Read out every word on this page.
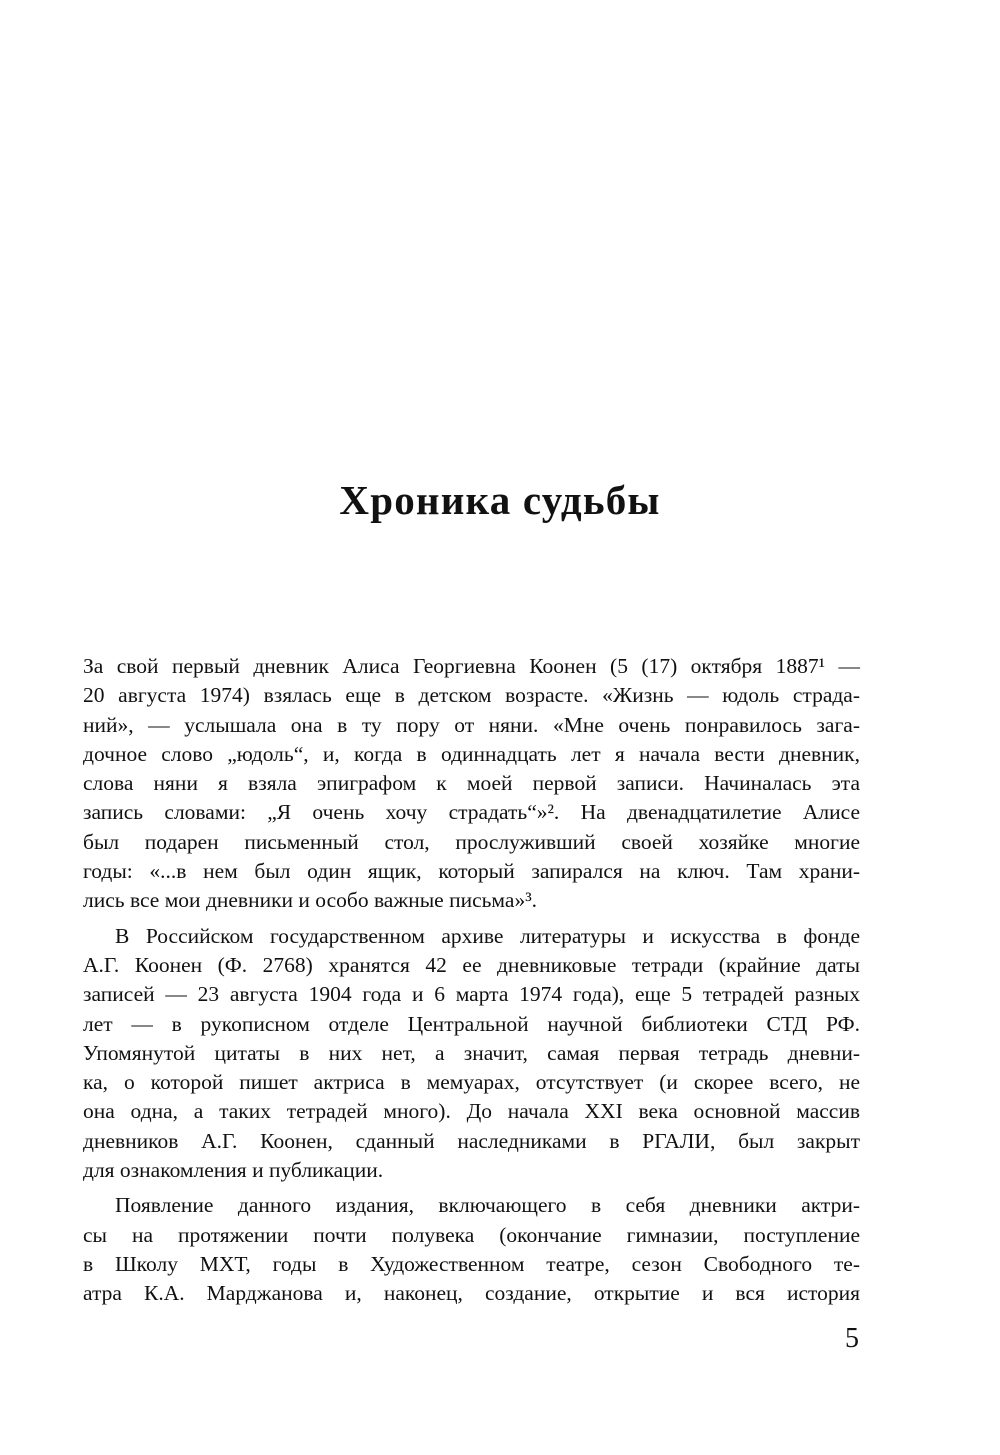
Хроника судьбы

За свой первый дневник Алиса Георгиевна Коонен (5 (17) октября 1887¹ —
20 августа 1974) взялась еще в детском возрасте. «Жизнь — юдоль страда-
ний», — услышала она в ту пору от няни. «Мне очень понравилось зага-
дочное слово „юдоль“, и, когда в одиннадцать лет я начала вести дневник,
слова няни я взяла эпиграфом к моей первой записи. Начиналась эта
запись словами: „Я очень хочу страдать“»². На двенадцатилетие Алисе
был подарен письменный стол, прослуживший своей хозяйке многие
годы: «...в нем был один ящик, который запирался на ключ. Там храни-
лись все мои дневники и особо важные письма»³.

В Российском государственном архиве литературы и искусства в фонде
А.Г. Коонен (Ф. 2768) хранятся 42 ее дневниковые тетради (крайние даты
записей — 23 августа 1904 года и 6 марта 1974 года), еще 5 тетрадей разных
лет — в рукописном отделе Центральной научной библиотеки СТД РФ.
Упомянутой цитаты в них нет, а значит, самая первая тетрадь дневни-
ка, о которой пишет актриса в мемуарах, отсутствует (и скорее всего, не
она одна, а таких тетрадей много). До начала XXI века основной массив
дневников А.Г. Коонен, сданный наследниками в РГАЛИ, был закрыт
для ознакомления и публикации.

Появление данного издания, включающего в себя дневники актри-
сы на протяжении почти полувека (окончание гимназии, поступление
в Школу МХТ, годы в Художественном театре, сезон Свободного те-
атра К.А. Марджанова и, наконец, создание, открытие и вся история

5
